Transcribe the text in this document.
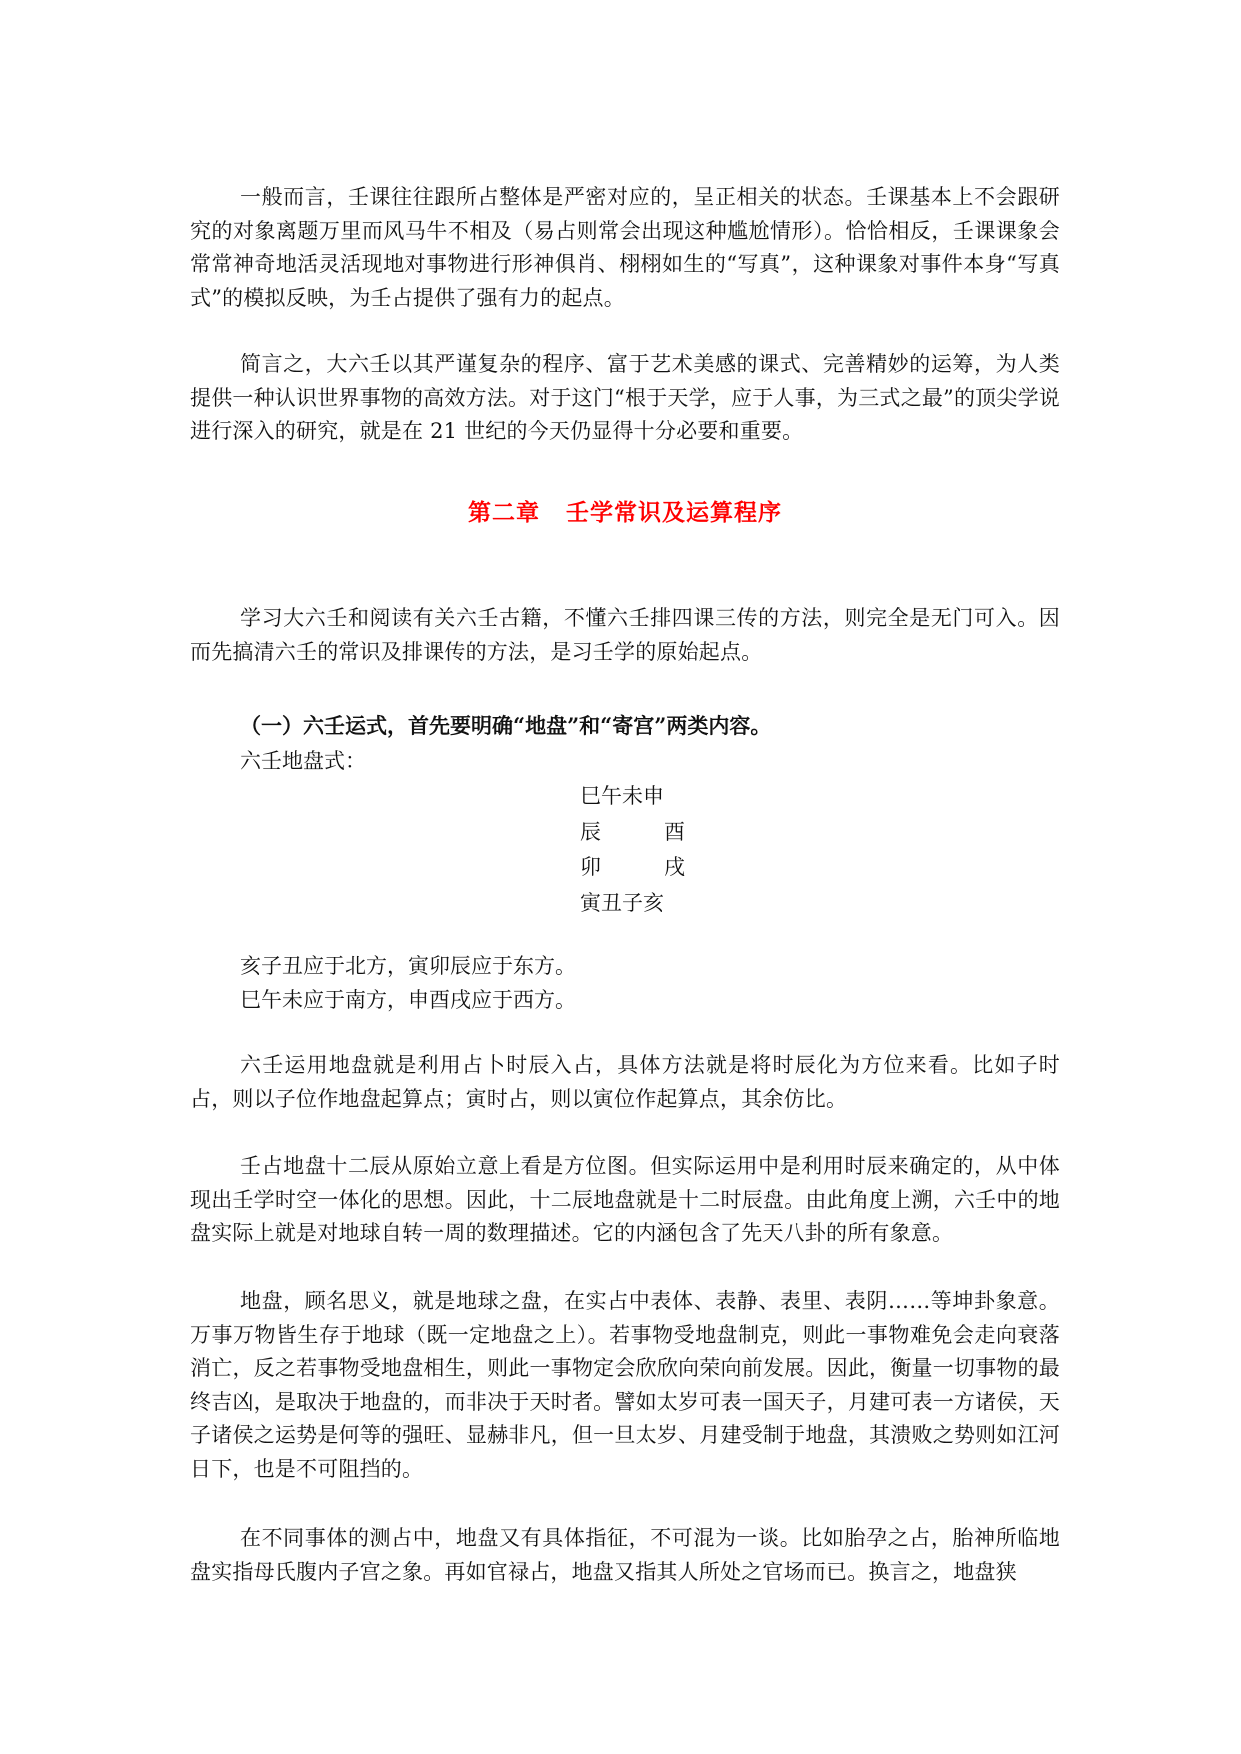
一般而言，壬课往往跟所占整体是严密对应的，呈正相关的状态。壬课基本上不会跟研究的对象离题万里而风马牛不相及（易占则常会出现这种尴尬情形）。恰恰相反，壬课课象会常常神奇地活灵活现地对事物进行形神俱肖、栩栩如生的“写真”，这种课象对事件本身“写真式”的模拟反映，为壬占提供了强有力的起点。

简言之，大六壬以其严谨复杂的程序、富于艺术美感的课式、完善精妙的运筹，为人类提供一种认识世界事物的高效方法。对于这门“根于天学，应于人事，为三式之最”的顶尖学说进行深入的研究，就是在 21 世纪的今天仍显得十分必要和重要。

第二章 壬学常识及运算程序

学习大六壬和阅读有关六壬古籍，不懂六壬排四课三传的方法，则完全是无门可入。因而先搞清六壬的常识及排课传的方法，是习壬学的原始起点。

（一）六壬运式，首先要明确“地盘”和“寄宫”两类内容。

六壬地盘式：

巳午未申
辰	酉
卯	戌
寅丑子亥

亥子丑应于北方，寅卯辰应于东方。

巳午未应于南方，申酉戌应于西方。

六壬运用地盘就是利用占卜时辰入占，具体方法就是将时辰化为方位来看。比如子时占，则以子位作地盘起算点；寅时占，则以寅位作起算点，其余仿比。

壬占地盘十二辰从原始立意上看是方位图。但实际运用中是利用时辰来确定的，从中体现出壬学时空一体化的思想。因此，十二辰地盘就是十二时辰盘。由此角度上溯，六壬中的地盘实际上就是对地球自转一周的数理描述。它的内涵包含了先天八卦的所有象意。

地盘，顾名思义，就是地球之盘，在实占中表体、表静、表里、表阴……等坤卦象意。万事万物皆生存于地球（既一定地盘之上）。若事物受地盘制克，则此一事物难免会走向衰落消亡，反之若事物受地盘相生，则此一事物定会欣欣向荣向前发展。因此，衡量一切事物的最终吉凶，是取决于地盘的，而非决于天时者。譬如太岁可表一国天子，月建可表一方诸侯，天子诸侯之运势是何等的强旺、显赫非凡，但一旦太岁、月建受制于地盘，其溃败之势则如江河日下，也是不可阻挡的。

在不同事体的测占中，地盘又有具体指征，不可混为一谈。比如胎孕之占，胎神所临地盘实指母氏腹内子宫之象。再如官禄占，地盘又指其人所处之官场而已。换言之，地盘狭
